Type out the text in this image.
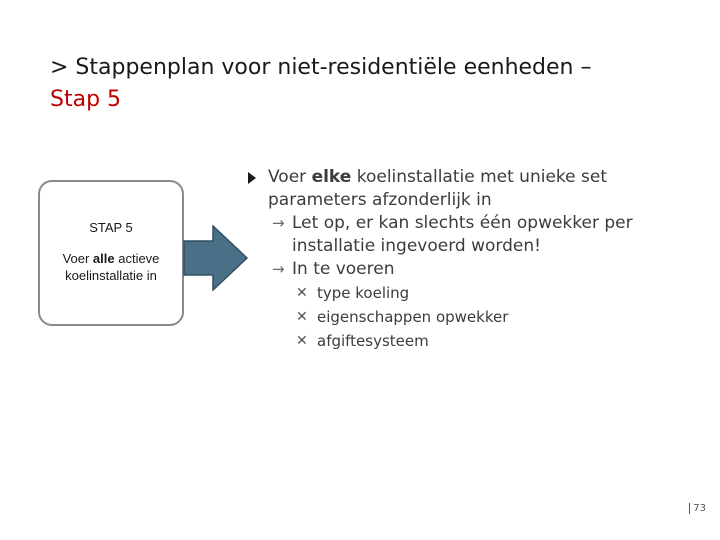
> Stappenplan voor niet-residentiële eenheden –
Stap 5
STAP 5
Voer alle actieve koelinstallatie in
Voer elke koelinstallatie met unieke set parameters afzonderlijk in
→ Let op, er kan slechts één opwekker per installatie ingevoerd worden!
→ In te voeren
✕ type koeling
✕ eigenschappen opwekker
✕ afgiftesysteem
73
